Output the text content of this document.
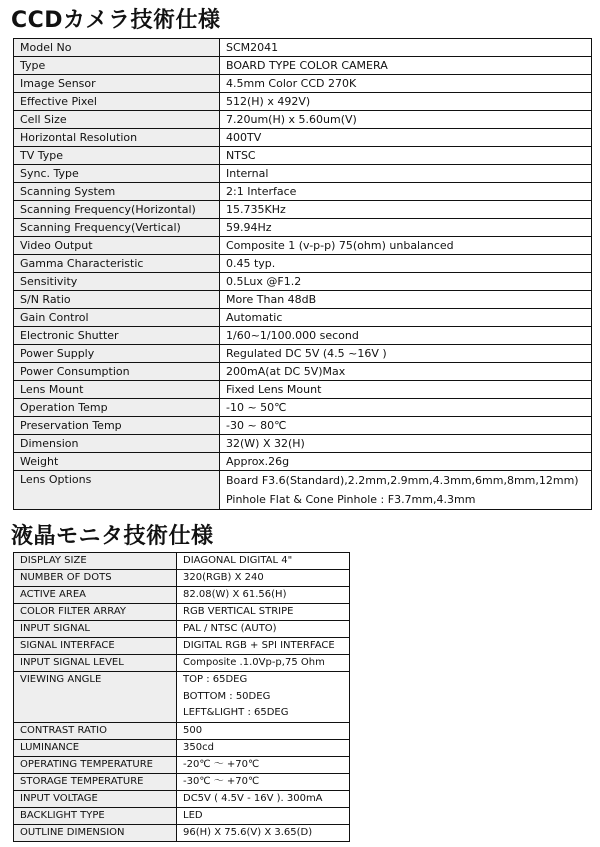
CCDカメラ技術仕様
Model No	SCM2041
Type	BOARD TYPE COLOR CAMERA
Image Sensor	4.5mm Color CCD 270K
Effective Pixel	512(H) x 492V)
Cell Size	7.20um(H) x 5.60um(V)
Horizontal Resolution	400TV
TV Type	NTSC
Sync. Type	Internal
Scanning System	2:1 Interface
Scanning Frequency(Horizontal)	15.735KHz
Scanning Frequency(Vertical)	59.94Hz
Video Output	Composite 1 (v-p-p) 75(ohm) unbalanced
Gamma Characteristic	0.45 typ.
Sensitivity	0.5Lux @F1.2
S/N Ratio	More Than 48dB
Gain Control	Automatic
Electronic Shutter	1/60~1/100.000 second
Power Supply	Regulated DC 5V (4.5 ~16V )
Power Consumption	200mA(at DC 5V)Max
Lens Mount	Fixed Lens Mount
Operation Temp	-10 ~ 50℃
Preservation Temp	-30 ~ 80℃
Dimension	32(W) X 32(H)
Weight	Approx.26g
Lens Options	Board F3.6(Standard),2.2mm,2.9mm,4.3mm,6mm,8mm,12mm)
Pinhole Flat & Cone Pinhole : F3.7mm,4.3mm
液晶モニタ技術仕様
DISPLAY SIZE	DIAGONAL DIGITAL 4"
NUMBER OF DOTS	320(RGB) X 240
ACTIVE AREA	82.08(W) X 61.56(H)
COLOR FILTER ARRAY	RGB VERTICAL STRIPE
INPUT SIGNAL	PAL / NTSC (AUTO)
SIGNAL INTERFACE	DIGITAL RGB + SPI INTERFACE
INPUT SIGNAL LEVEL	Composite .1.0Vp-p,75 Ohm
VIEWING ANGLE	TOP : 65DEG
BOTTOM : 50DEG
LEFT&LIGHT : 65DEG

CONTRAST RATIO	500
LUMINANCE	350cd
OPERATING TEMPERATURE	-20℃ ～ +70℃
STORAGE TEMPERATURE	-30℃ ～ +70℃
INPUT VOLTAGE	DC5V ( 4.5V - 16V ). 300mA
BACKLIGHT TYPE	LED
OUTLINE DIMENSION	96(H) X 75.6(V) X 3.65(D)
